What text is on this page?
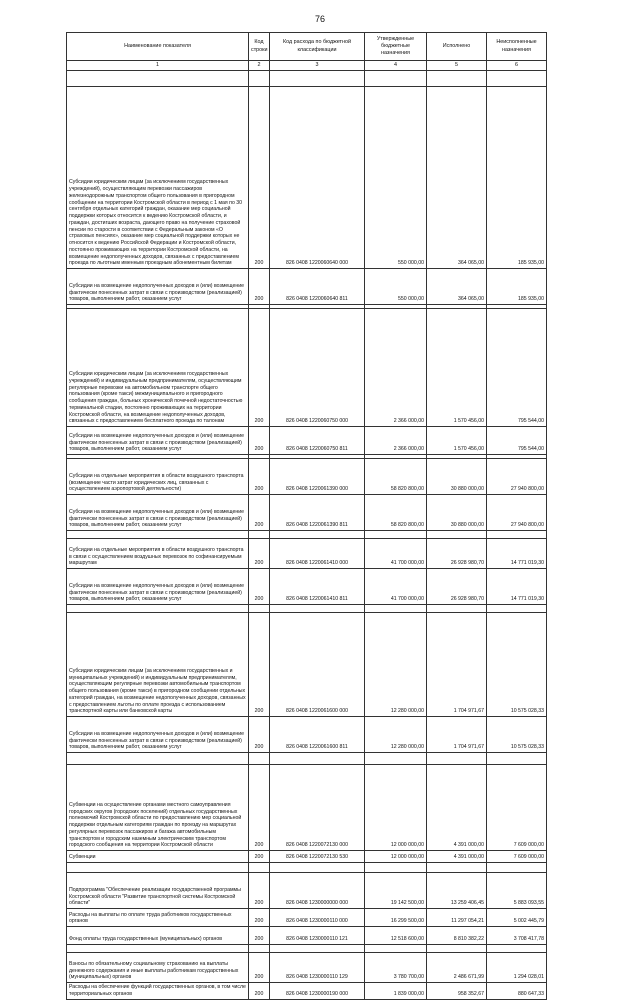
76
Наименование показателя	Код строки	Код расхода по бюджетной классификации	Утвержденные бюджетные назначения	Исполнено	Неисполненные назначения
1	2	3	4	5	6

Субсидии юридическим лицам (за исключением государственных учреждений), осуществляющим перевозки пассажиров железнодорожным транспортом общего пользования в пригородном сообщении на территории Костромской области в период с 1 мая по 30 сентября отдельных категорий граждан, оказание мер социальной поддержки которых относится к ведению Костромской области, и граждан, достигших возраста, дающего право на получение страховой пенсии по старости в соответствии с Федеральным законом «О страховых пенсиях», оказание мер социальной поддержки которых не относится к ведению Российской Федерации и Костромской области, постоянно проживающих на территории Костромской области, на возмещение недополученных доходов, связанных с предоставлением проезда по льготным именным проездным абонементным билетам	200	826 0408 1220060640 000	550 000,00	364 065,00	185 935,00
Субсидии на возмещение недополученных доходов и (или) возмещение фактически понесенных затрат в связи с производством (реализацией) товаров, выполнением работ, оказанием услуг	200	826 0408 1220060640 811	550 000,00	364 065,00	185 935,00

Субсидии юридическим лицам (за исключением государственных учреждений) и индивидуальным предпринимателям, осуществляющим регулярные перевозки на автомобильном транспорте общего пользования (кроме такси) межмуниципального и пригородного сообщения граждан, больных хронической почечной недостаточностью терминальной стадии, постоянно проживающих на территории Костромской области, на возмещение недополученных доходов, связанных с предоставлением бесплатного проезда по талонам	200	826 0408 1220060750 000	2 366 000,00	1 570 456,00	795 544,00
Субсидии на возмещение недополученных доходов и (или) возмещение фактически понесенных затрат в связи с производством (реализацией) товаров, выполнением работ, оказанием услуг	200	826 0408 1220060750 811	2 366 000,00	1 570 456,00	795 544,00

Субсидии на отдельные мероприятия в области воздушного транспорта (возмещение части затрат юридических лиц, связанных с осуществлением аэропортовой деятельности)	200	826 0408 1220061390 000	58 820 800,00	30 880 000,00	27 940 800,00
Субсидии на возмещение недополученных доходов и (или) возмещение фактически понесенных затрат в связи с производством (реализацией) товаров, выполнением работ, оказанием услуг	200	826 0408 1220061390 811	58 820 800,00	30 880 000,00	27 940 800,00

Субсидии на отдельные мероприятия в области воздушного транспорта в связи с осуществлением воздушных перевозок по софинансируемым маршрутам	200	826 0408 1220061410 000	41 700 000,00	26 928 980,70	14 771 019,30
Субсидии на возмещение недополученных доходов и (или) возмещение фактически понесенных затрат в связи с производством (реализацией) товаров, выполнением работ, оказанием услуг	200	826 0408 1220061410 811	41 700 000,00	26 928 980,70	14 771 019,30

Субсидии юридическим лицам (за исключением государственных и муниципальных учреждений) и индивидуальным предпринимателям, осуществляющим регулярные перевозки автомобильным транспортом общего пользования (кроме такси) в пригородном сообщении отдельных категорий граждан, на возмещение недополученных доходов, связанных с предоставлением льготы по оплате проезда с использованием транспортной карты или банковской карты	200	826 0408 1220061600 000	12 280 000,00	1 704 971,67	10 575 028,33
Субсидии на возмещение недополученных доходов и (или) возмещение фактически понесенных затрат в связи с производством (реализацией) товаров, выполнением работ, оказанием услуг	200	826 0408 1220061600 811	12 280 000,00	1 704 971,67	10 575 028,33

Субвенции на осуществление органами местного самоуправления городских округов (городских поселений) отдельных государственных полномочий Костромской области по предоставлению мер социальной поддержки отдельным категориям граждан по проезду на маршрутах регулярных перевозок пассажиров и багажа автомобильным транспортом и городским наземным электрическим транспортом городского сообщения на территории Костромской области	200	826 0408 1220072130 000	12 000 000,00	4 391 000,00	7 609 000,00
Субвенции	200	826 0408 1220072130 530	12 000 000,00	4 391 000,00	7 609 000,00

Подпрограмма "Обеспечение реализации государственной программы Костромской области "Развитие транспортной системы Костромской области"	200	826 0408 1230000000 000	19 142 500,00	13 259 406,45	5 883 093,55
Расходы на выплаты по оплате труда работников государственных органов	200	826 0408 1230000110 000	16 299 500,00	11 297 054,21	5 002 445,79
Фонд оплаты труда государственных (муниципальных) органов	200	826 0408 1230000110 121	12 518 600,00	8 810 382,22	3 708 417,78

Взносы по обязательному социальному страхованию на выплаты денежного содержания и иные выплаты работникам государственных (муниципальных) органов	200	826 0408 1230000110 129	3 780 700,00	2 486 671,99	1 294 028,01
Расходы на обеспечение функций государственных органов, в том числе территориальных органов	200	826 0408 1230000190 000	1 839 000,00	958 352,67	880 647,33
